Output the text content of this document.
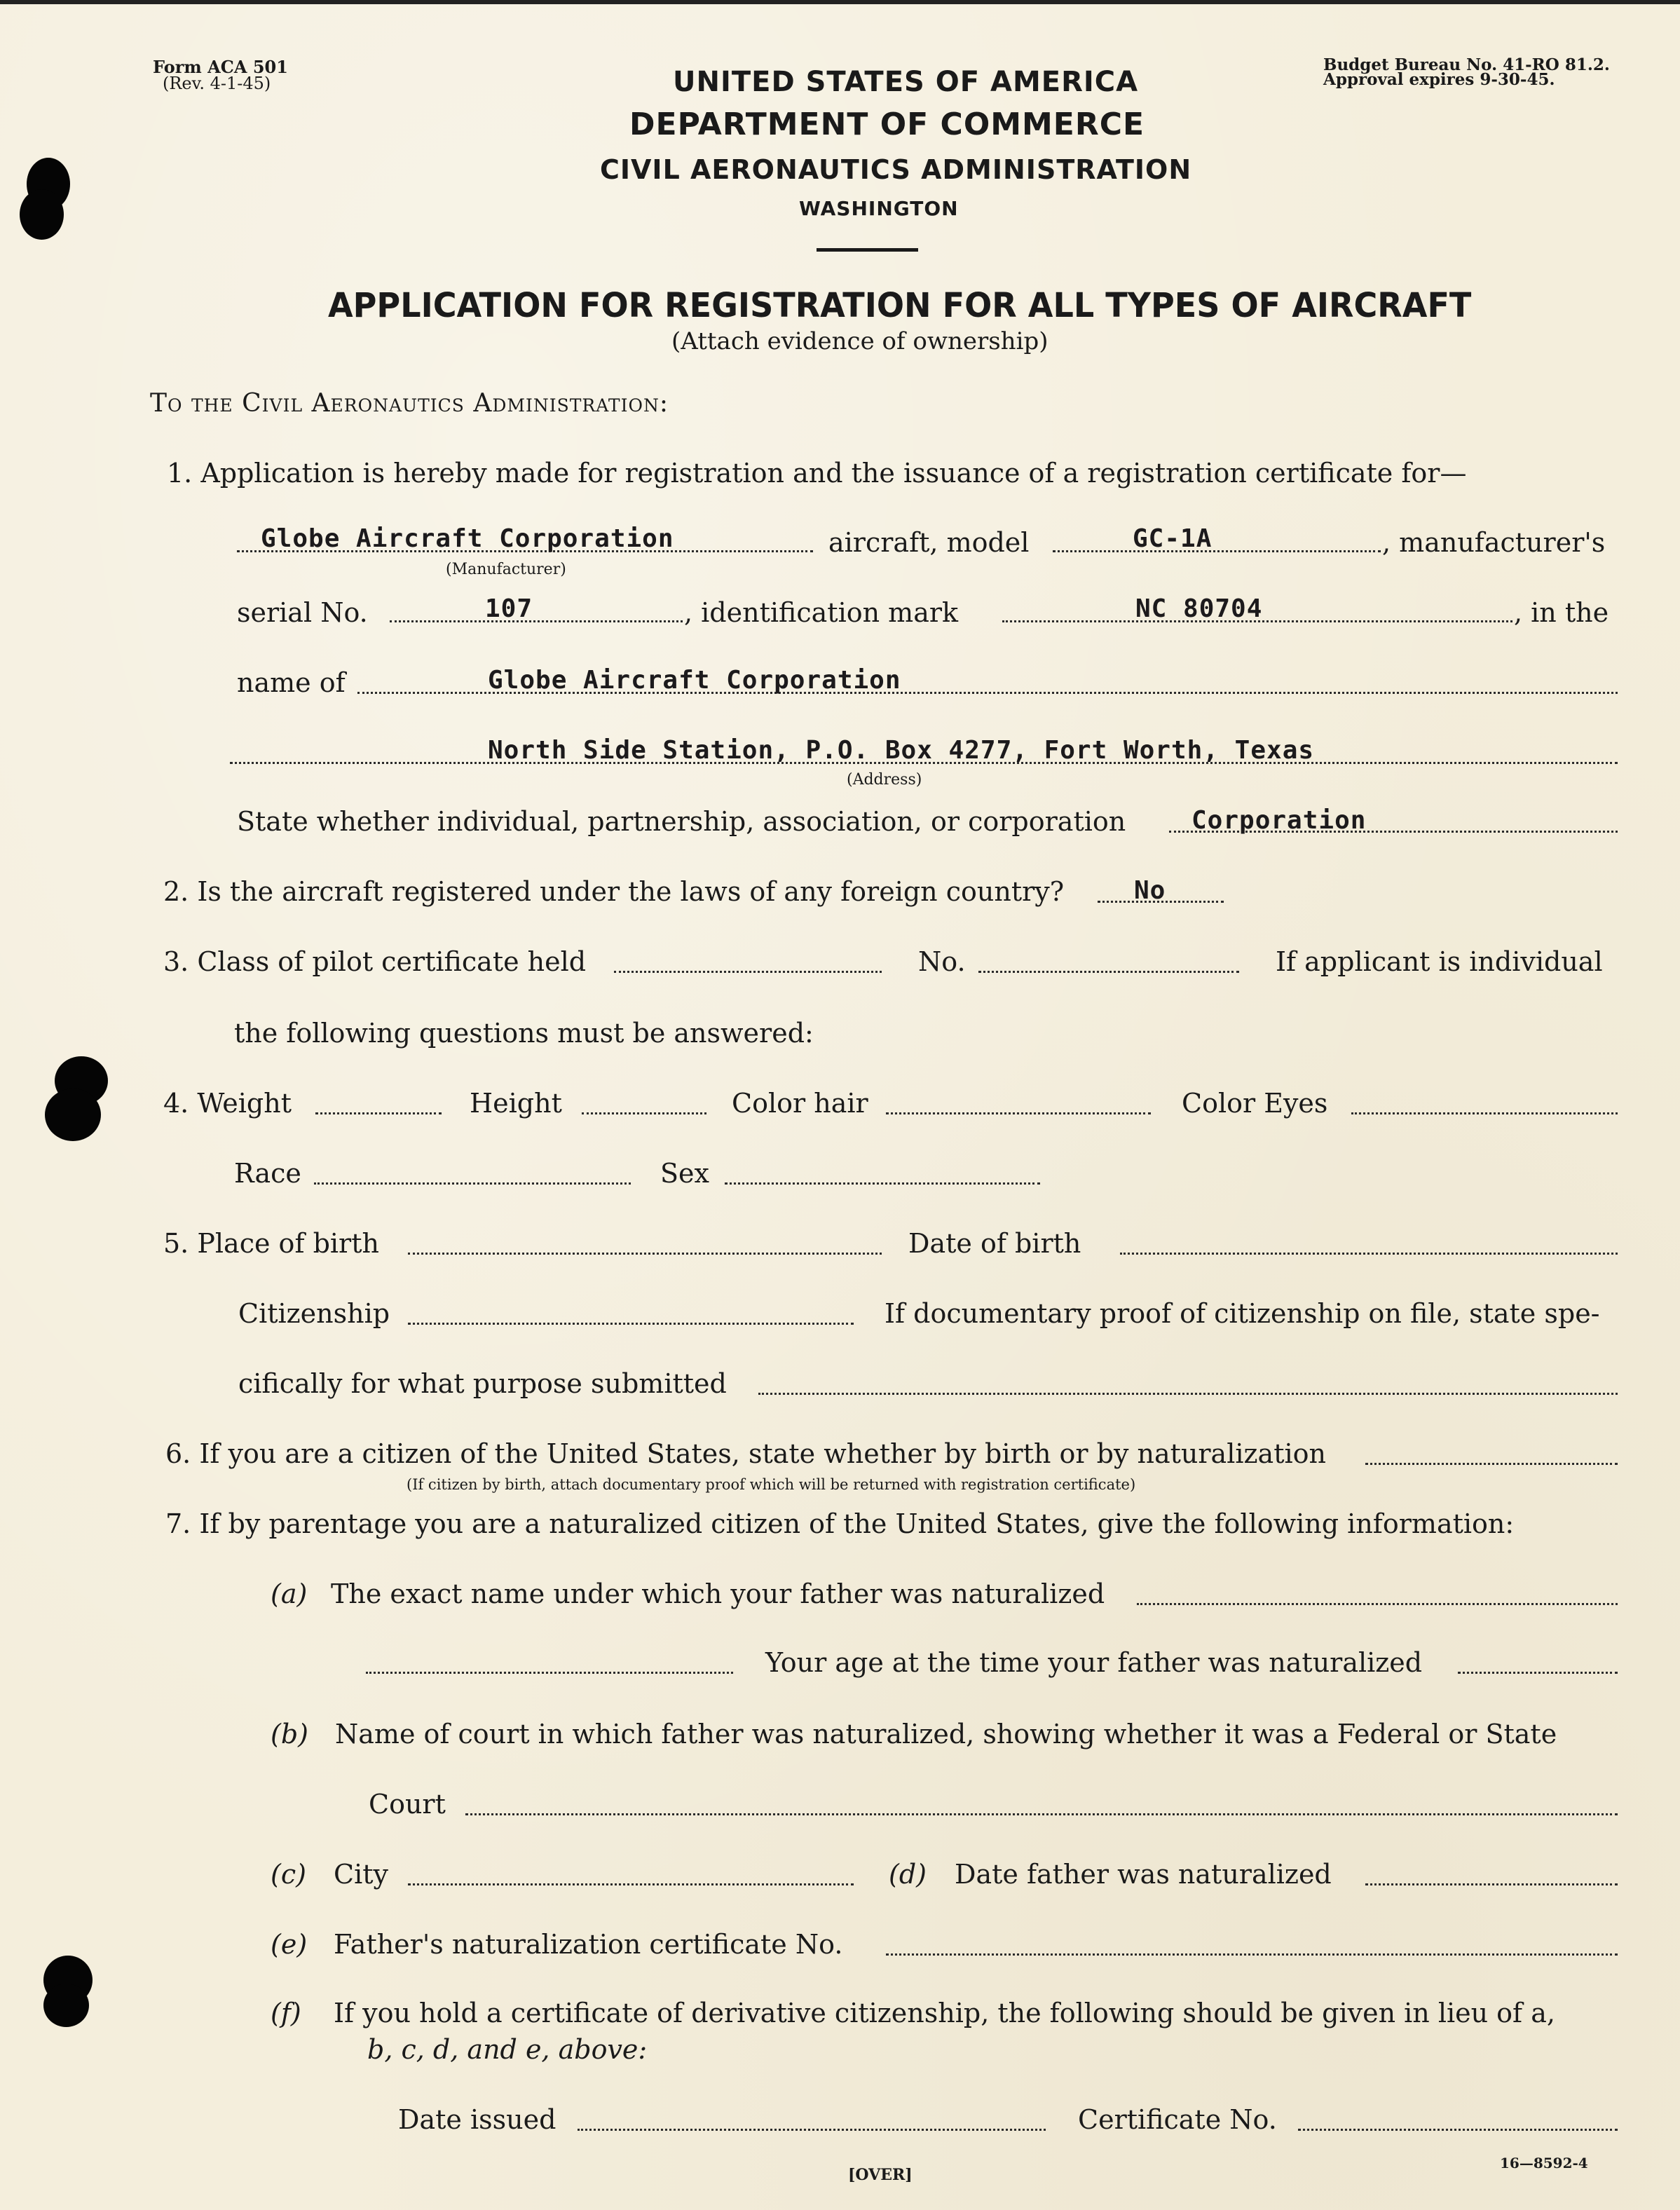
Form ACA 501
(Rev. 4-1-45)
Budget Bureau No. 41-RO 81.2.
Approval expires 9-30-45.
UNITED STATES OF AMERICA
DEPARTMENT OF COMMERCE
CIVIL AERONAUTICS ADMINISTRATION
WASHINGTON
APPLICATION FOR REGISTRATION FOR ALL TYPES OF AIRCRAFT
(Attach evidence of ownership)
To the Civil Aeronautics Administration:
1. Application is hereby made for registration and the issuance of a registration certificate for—
Globe Aircraft Corporation
(Manufacturer)
aircraft, model	GC-1A	, manufacturer's
serial No.	107	, identification mark	NC 80704	, in the
name of	Globe Aircraft Corporation
North Side Station, P.O. Box 4277, Fort Worth, Texas
(Address)
State whether individual, partnership, association, or corporation	Corporation
2. Is the aircraft registered under the laws of any foreign country?	No
3. Class of pilot certificate held	No.	If applicant is individual
the following questions must be answered:
4. Weight	Height	Color hair	Color Eyes
Race	Sex
5. Place of birth	Date of birth
Citizenship	If documentary proof of citizenship on file, state spe-
cifically for what purpose submitted
6. If you are a citizen of the United States, state whether by birth or by naturalization
(If citizen by birth, attach documentary proof which will be returned with registration certificate)
7. If by parentage you are a naturalized citizen of the United States, give the following information:
(a) The exact name under which your father was naturalized
Your age at the time your father was naturalized
(b) Name of court in which father was naturalized, showing whether it was a Federal or State
Court
(c) City	(d) Date father was naturalized
(e) Father's naturalization certificate No.
(f) If you hold a certificate of derivative citizenship, the following should be given in lieu of a,
b, c, d, and e, above:
Date issued	Certificate No.
[OVER]
16—8592-4
